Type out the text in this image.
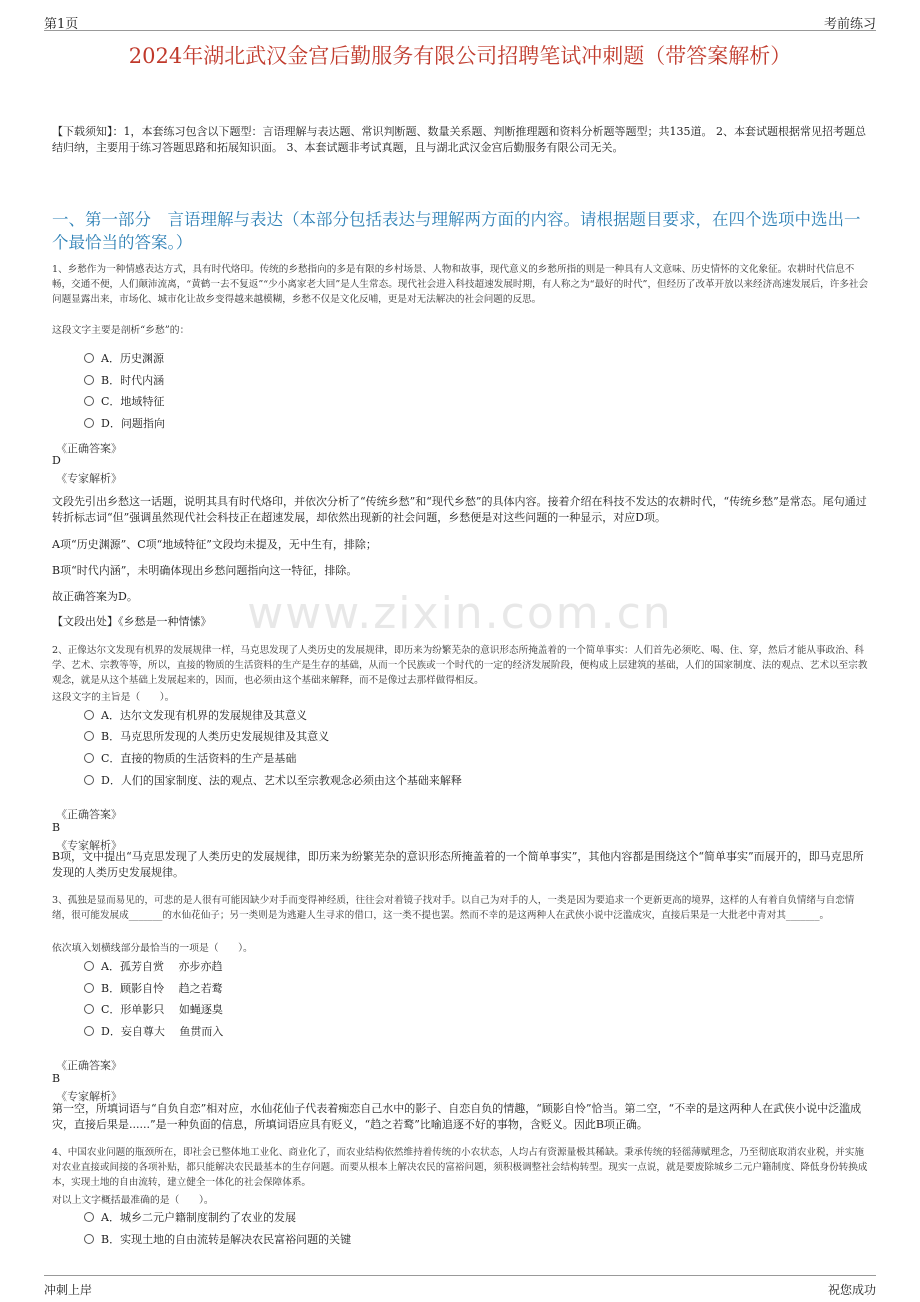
第1页	考前练习
2024年湖北武汉金宫后勤服务有限公司招聘笔试冲刺题（带答案解析）
【下载须知】：1，本套练习包含以下题型：言语理解与表达题、常识判断题、数量关系题、判断推理题和资料分析题等题型；共135道。 2、本套试题根据常见招考题总结归纳，主要用于练习答题思路和拓展知识面。 3、本套试题非考试真题，且与湖北武汉金宫后勤服务有限公司无关。
一、第一部分　言语理解与表达（本部分包括表达与理解两方面的内容。请根据题目要求，在四个选项中选出一个最恰当的答案。）
www.zixin.com.cn
1、乡愁作为一种情感表达方式，具有时代烙印。传统的乡愁指向的多是有限的乡村场景、人物和故事，现代意义的乡愁所指的则是一种具有人文意味、历史情怀的文化象征。农耕时代信息不畅，交通不便，人们颠沛流离，“黄鹤一去不复返”“少小离家老大回”是人生常态。现代社会进入科技超速发展时期，有人称之为“最好的时代”，但经历了改革开放以来经济高速发展后，许多社会问题显露出来，市场化、城市化让故乡变得越来越模糊，乡愁不仅是文化反哺，更是对无法解决的社会问题的反思。
这段文字主要是剖析“乡愁”的：
A．历史渊源
B．时代内涵
C．地域特征
D．问题指向
《正确答案》
D
《专家解析》
文段先引出乡愁这一话题，说明其具有时代烙印，并依次分析了“传统乡愁”和“现代乡愁”的具体内容。接着介绍在科技不发达的农耕时代，“传统乡愁”是常态。尾句通过转折标志词“但”强调虽然现代社会科技正在超速发展，却依然出现新的社会问题，乡愁便是对这些问题的一种显示，对应D项。
A项“历史渊源”、C项“地域特征”文段均未提及，无中生有，排除；
B项“时代内涵”，未明确体现出乡愁问题指向这一特征，排除。
故正确答案为D。
【文段出处】《乡愁是一种情愫》
2、正像达尔文发现有机界的发展规律一样，马克思发现了人类历史的发展规律，即历来为纷繁芜杂的意识形态所掩盖着的一个简单事实：人们首先必须吃、喝、住、穿，然后才能从事政治、科学、艺术、宗教等等，所以，直接的物质的生活资料的生产是生存的基础，从而一个民族或一个时代的一定的经济发展阶段，便构成上层建筑的基础，人们的国家制度、法的观点、艺术以至宗教观念，就是从这个基础上发展起来的，因而，也必须由这个基础来解释，而不是像过去那样做得相反。
这段文字的主旨是（　　）。
A．达尔文发现有机界的发展规律及其意义
B．马克思所发现的人类历史发展规律及其意义
C．直接的物质的生活资料的生产是基础
D．人们的国家制度、法的观点、艺术以至宗教观念必须由这个基础来解释
《正确答案》
B
《专家解析》
B项，文中提出“马克思发现了人类历史的发展规律，即历来为纷繁芜杂的意识形态所掩盖着的一个简单事实”，其他内容都是围绕这个“简单事实”而展开的，即马克思所发现的人类历史发展规律。
3、孤独是显而易见的，可悲的是人很有可能因缺少对手而变得神经质，往往会对着镜子找对手。以自己为对手的人，一类是因为要追求一个更新更高的境界，这样的人有着自负情绪与自恋情绪，很可能发展成_______的水仙花仙子；另一类则是为逃避人生寻求的借口，这一类不提也罢。然而不幸的是这两种人在武侠小说中泛滥成灾，直接后果是一大批老中青对其_______。
依次填入划横线部分最恰当的一项是（　　）。
A．孤芳自赏　 亦步亦趋
B．顾影自怜　 趋之若鹜
C．形单影只　 如蝇逐臭
D．妄自尊大　 鱼贯而入
《正确答案》
B
《专家解析》
第一空，所填词语与“自负自恋”相对应，水仙花仙子代表着痴恋自己水中的影子、自恋自负的情趣，“顾影自怜”恰当。第二空，“不幸的是这两种人在武侠小说中泛滥成灾，直接后果是......”是一种负面的信息，所填词语应具有贬义，“趋之若鹜”比喻追逐不好的事物，含贬义。因此B项正确。
4、中国农业问题的瓶颈所在，即社会已整体地工业化、商业化了，而农业结构依然维持着传统的小农状态，人均占有资源量极其稀缺。秉承传统的轻徭薄赋理念，乃至彻底取消农业税，并实施对农业直接或间接的各项补贴，都只能解决农民最基本的生存问题。而要从根本上解决农民的富裕问题，须积极调整社会结构转型。现实一点说，就是要废除城乡二元户籍制度、降低身份转换成本，实现土地的自由流转，建立健全一体化的社会保障体系。
对以上文字概括最准确的是（　　）。
A．城乡二元户籍制度制约了农业的发展
B．实现土地的自由流转是解决农民富裕问题的关键
冲刺上岸	祝您成功
